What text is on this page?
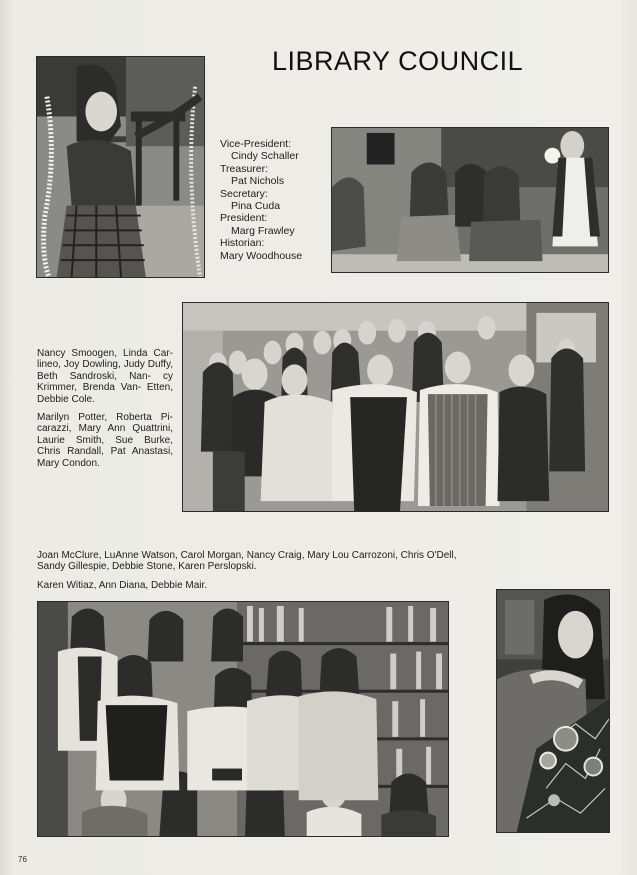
LIBRARY COUNCIL
Vice-President:
Cindy Schaller
Treasurer:
Pat Nichols
Secretary:
Pina Cuda
President:
Marg Frawley
Historian:
Mary Woodhouse

Nancy Smoogen, Linda Car- lineo, Joy Dowling, Judy Duffy, Beth Sandroski, Nan- cy Krimmer, Brenda Van- Etten, Debbie Cole.

Marilyn Potter, Roberta Pi- carazzi, Mary Ann Quattrini, Laurie Smith, Sue Burke, Chris Randall, Pat Anastasi, Mary Condon.

Joan McClure, LuAnne Watson, Carol Morgan, Nancy Craig, Mary Lou Carrozoni, Chris O'Dell, Sandy Gillespie, Debbie Stone, Karen Perslopski.

Karen Witiaz, Ann Diana, Debbie Mair.

76
